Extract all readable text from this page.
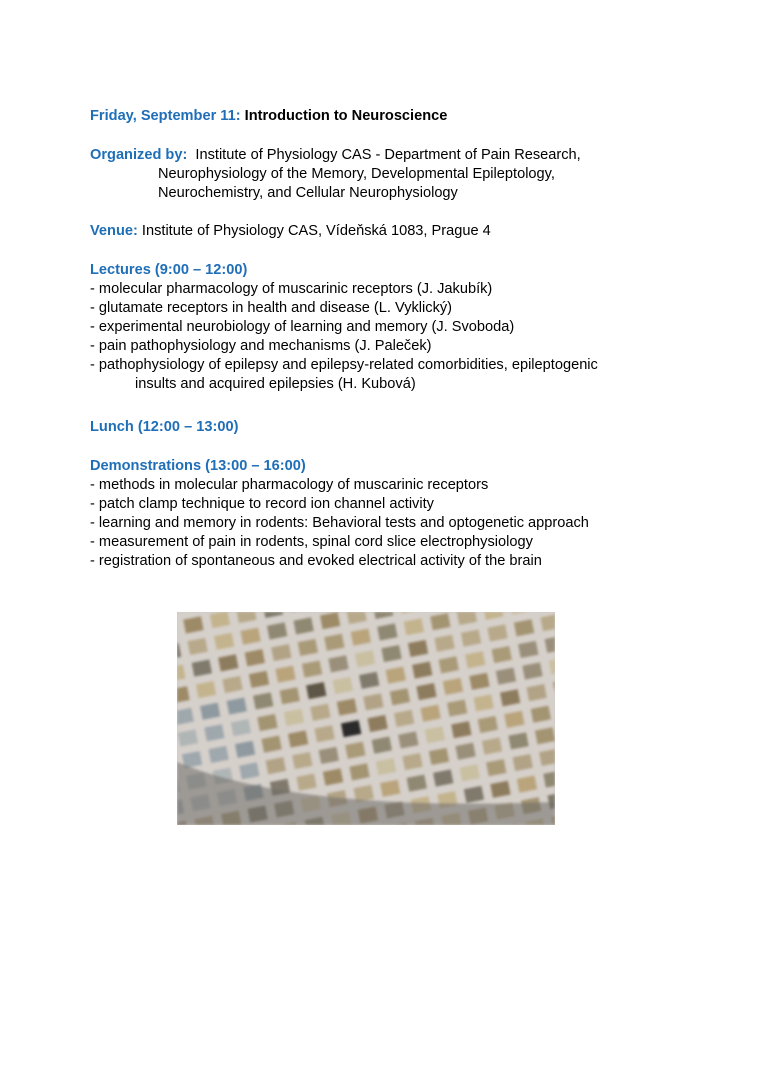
Friday, September 11: Introduction to Neuroscience
Organized by: Institute of Physiology CAS - Department of Pain Research,
Neurophysiology of the Memory, Developmental Epileptology,
Neurochemistry, and Cellular Neurophysiology
Venue: Institute of Physiology CAS, Vídeňská 1083, Prague 4
Lectures (9:00 – 12:00)
- molecular pharmacology of muscarinic receptors (J. Jakubík)
- glutamate receptors in health and disease (L. Vyklický)
- experimental neurobiology of learning and memory (J. Svoboda)
- pain pathophysiology and mechanisms (J. Paleček)
- pathophysiology of epilepsy and epilepsy-related comorbidities, epileptogenic
insults and acquired epilepsies (H. Kubová)
Lunch (12:00 – 13:00)
Demonstrations (13:00 – 16:00)
- methods in molecular pharmacology of muscarinic receptors
- patch clamp technique to record ion channel activity
- learning and memory in rodents: Behavioral tests and optogenetic approach
- measurement of pain in rodents, spinal cord slice electrophysiology
- registration of spontaneous and evoked electrical activity of the brain
